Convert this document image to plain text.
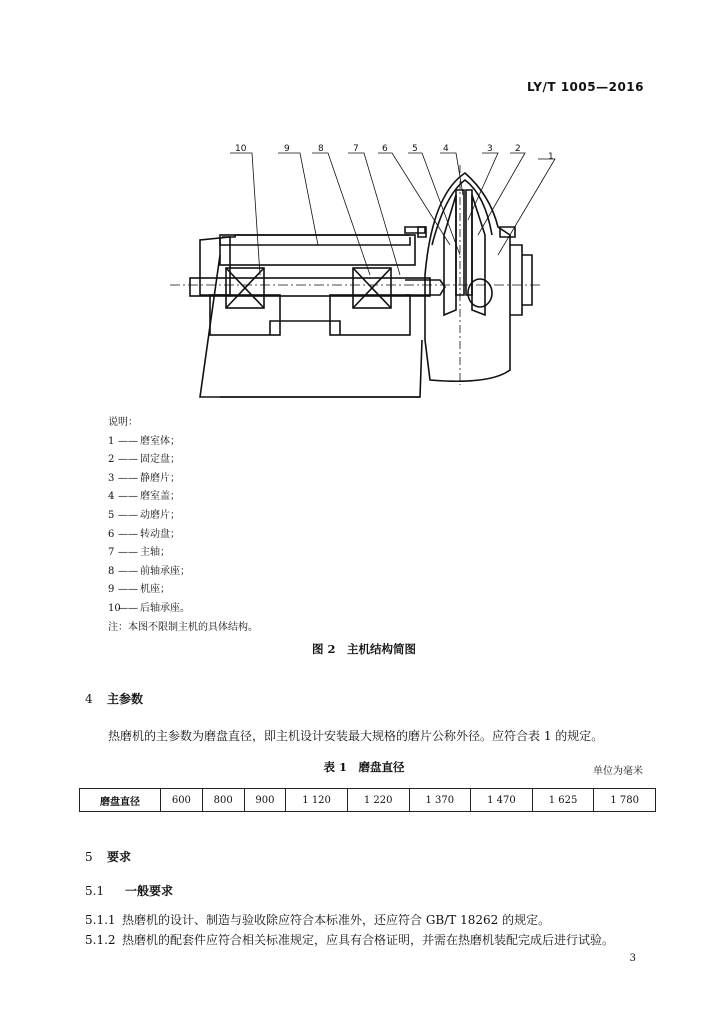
LY/T 1005—2016
10	9	8	7	6	5	4	3 2
1
说明：
1 —— 磨室体；
2 —— 固定盘；
3 —— 静磨片；
4 —— 磨室盖；
5 —— 动磨片；
6 —— 转动盘；
7 —— 主轴；
8 —— 前轴承座；
9 —— 机座；
10
—— 后轴承座。
注：本图不限制主机的具体结构。
图 2　主机结构简图
4 主参数
热磨机的主参数为磨盘直径，即主机设计安装最大规格的磨片公称外径。应符合表 1 的规定。
表 1　磨盘直径	单位为毫米
磨盘直径	600	800	900	1 120	1 220	1 370	1 470	1 625	1 780
5 要求
5.1 一般要求
5.1.1 热磨机的设计、制造与验收除应符合本标准外，还应符合 GB/T 18262 的规定。
5.1.2 热磨机的配套件应符合相关标准规定，应具有合格证明，并需在热磨机装配完成后进行试验。
3
